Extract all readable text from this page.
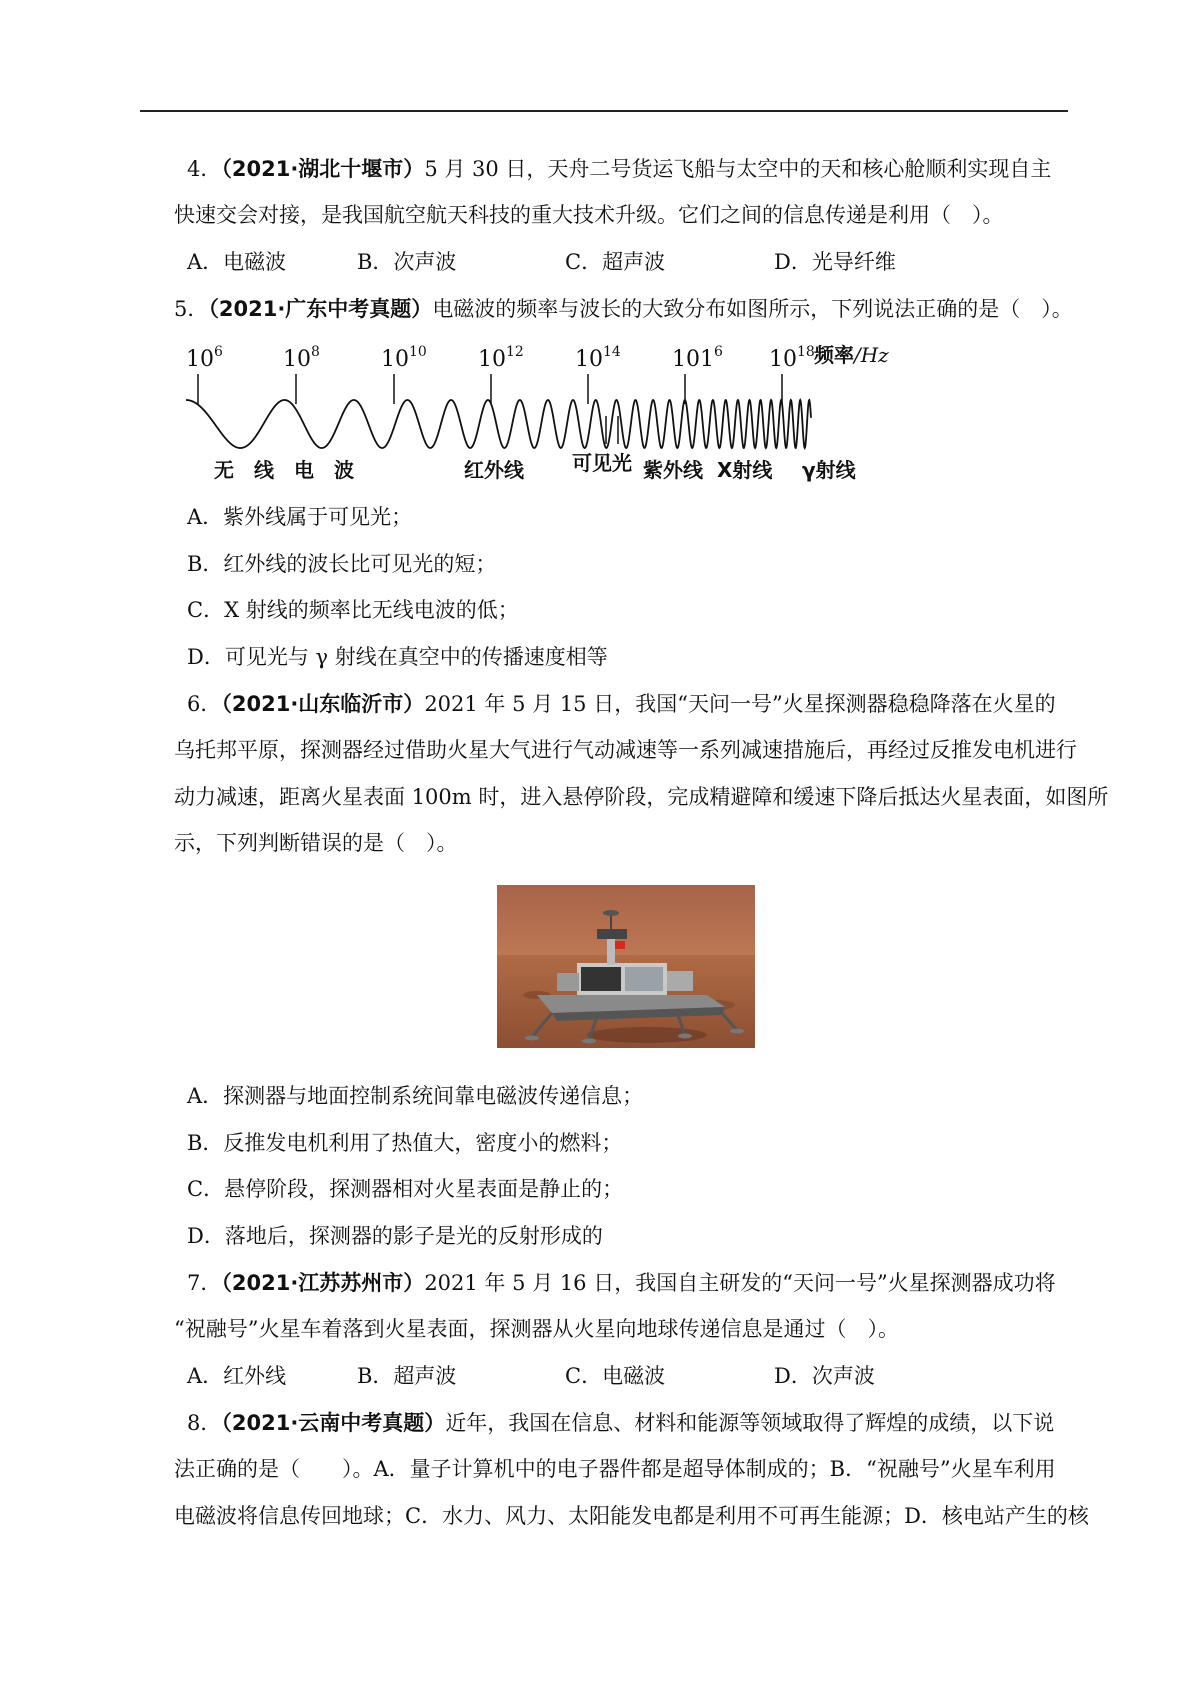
4．（2021·湖北十堰市）5 月 30 日，天舟二号货运飞船与太空中的天和核心舱顺利实现自主
快速交会对接，是我国航空航天科技的重大技术升级。它们之间的信息传递是利用（　）。
A．电磁波	B．次声波	C．超声波	D．光导纤维
5．（2021·广东中考真题）电磁波的频率与波长的大致分布如图所示，下列说法正确的是（　）。
$10^6$	$10^8$	$10^{10}$ $10^{12}$ $10^{14}$ $101^6$ $10^{18}$ 频率/Hz
无　线　电　波	红外线 可见光 紫外线 X射线 γ射线
A．紫外线属于可见光；
B．红外线的波长比可见光的短；
C．X 射线的频率比无线电波的低；
D．可见光与 γ 射线在真空中的传播速度相等
6．（2021·山东临沂市）2021 年 5 月 15 日，我国“天问一号”火星探测器稳稳降落在火星的
乌托邦平原，探测器经过借助火星大气进行气动减速等一系列减速措施后，再经过反推发电机进行
动力减速，距离火星表面 100m 时，进入悬停阶段，完成精避障和缓速下降后抵达火星表面，如图所
示，下列判断错误的是（　）。
A．探测器与地面控制系统间靠电磁波传递信息；
B．反推发电机利用了热值大，密度小的燃料；
C．悬停阶段，探测器相对火星表面是静止的；
D．落地后，探测器的影子是光的反射形成的
7．（2021·江苏苏州市）2021 年 5 月 16 日，我国自主研发的“天问一号”火星探测器成功将
“祝融号”火星车着落到火星表面，探测器从火星向地球传递信息是通过（　）。
A．红外线	B．超声波	C．电磁波	D．次声波
8．（2021·云南中考真题）近年，我国在信息、材料和能源等领域取得了辉煌的成绩，以下说
法正确的是（　　）。A．量子计算机中的电子器件都是超导体制成的；B．“祝融号”火星车利用
电磁波将信息传回地球；C．水力、风力、太阳能发电都是利用不可再生能源；D．核电站产生的核
